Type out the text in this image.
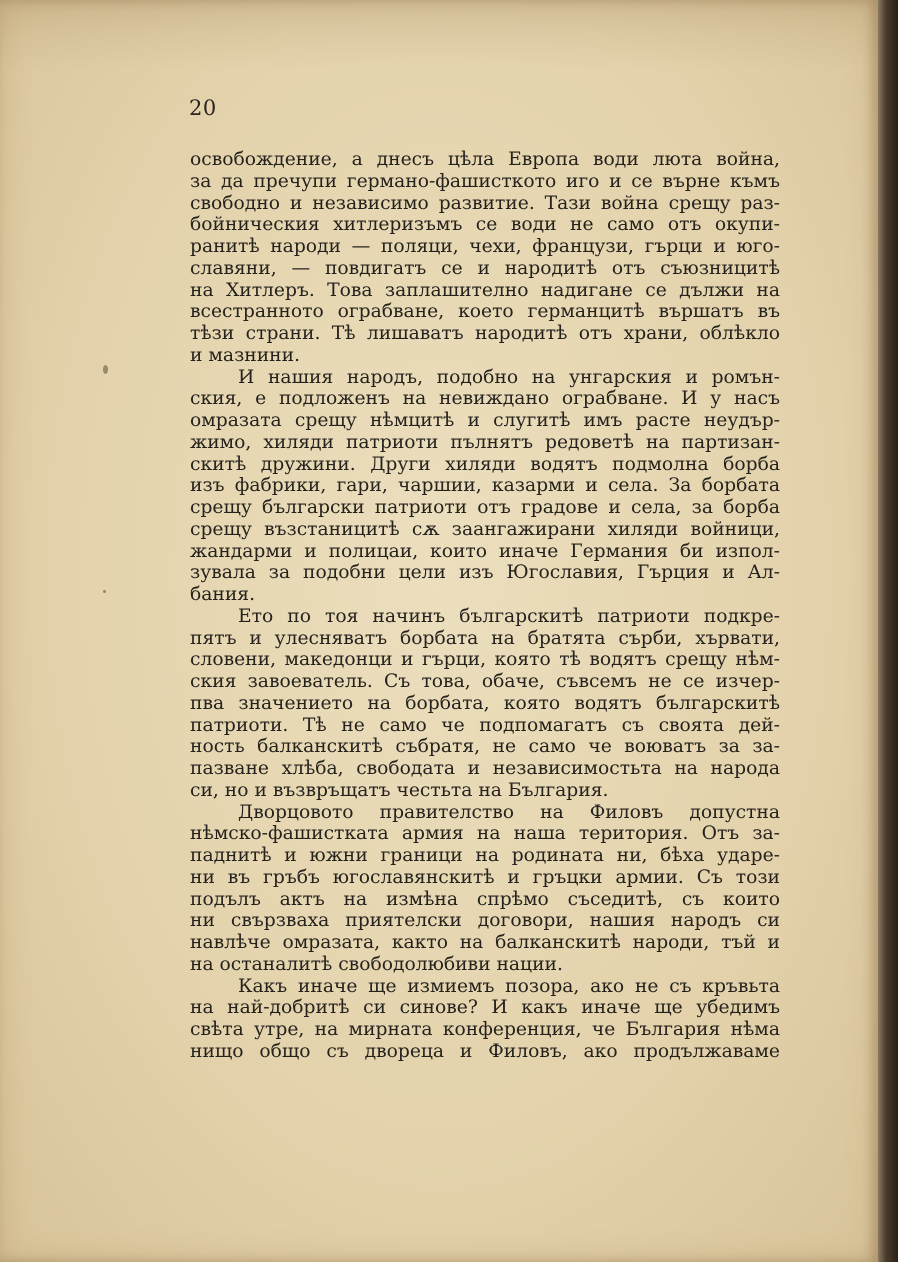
20
освобождение, а днесъ цѣла Европа води люта война,
за да пречупи германо-фашисткото иго и се върне къмъ
свободно и независимо развитие. Тази война срещу раз-
бойническия хитлеризъмъ се води не само отъ окупи-
ранитѣ народи — поляци, чехи, французи, гърци и юго-
славяни, — повдигатъ се и народитѣ отъ съюзницитѣ
на Хитлеръ. Това заплашително надигане се дължи на
всестранното ограбване, което германцитѣ вършатъ въ
тѣзи страни. Тѣ лишаватъ народитѣ отъ храни, облѣкло
и мазнини.
И нашия народъ, подобно на унгарския и ромън-
ския, е подложенъ на невиждано ограбване. И у насъ
омразата срещу нѣмцитѣ и слугитѣ имъ расте неудър-
жимо, хиляди патриоти пълнятъ редоветѣ на партизан-
скитѣ дружини. Други хиляди водятъ подмолна борба
изъ фабрики, гари, чаршии, казарми и села. За борбата
срещу български патриоти отъ градове и села, за борба
срещу възстаницитѣ сѫ заангажирани хиляди войници,
жандарми и полицаи, които иначе Германия би изпол-
зувала за подобни цели изъ Югославия, Гърция и Ал-
бания.
Ето по тоя начинъ българскитѣ патриоти подкре-
пятъ и улесняватъ борбата на братята сърби, хървати,
словени, македонци и гърци, която тѣ водятъ срещу нѣм-
ския завоеватель. Съ това, обаче, съвсемъ не се изчер-
пва значението на борбата, която водятъ българскитѣ
патриоти. Тѣ не само че подпомагатъ съ своята дей-
ность балканскитѣ събратя, не само че воюватъ за за-
пазване хлѣба, свободата и независимостьта на народа
си, но и възвръщатъ честьта на България.
Дворцовото правителство на Филовъ допустна
нѣмско-фашистката армия на наша територия. Отъ за-
паднитѣ и южни граници на родината ни, бѣха ударе-
ни въ гръбъ югославянскитѣ и гръцки армии. Съ този
подълъ актъ на измѣна спрѣмо съседитѣ, съ които
ни свързваха приятелски договори, нашия народъ си
навлѣче омразата, както на балканскитѣ народи, тъй и
на останалитѣ свободолюбиви нации.
Какъ иначе ще измиемъ позора, ако не съ кръвьта
на най-добритѣ си синове? И какъ иначе ще убедимъ
свѣта утре, на мирната конференция, че България нѣма
нищо общо съ двореца и Филовъ, ако продължаваме
